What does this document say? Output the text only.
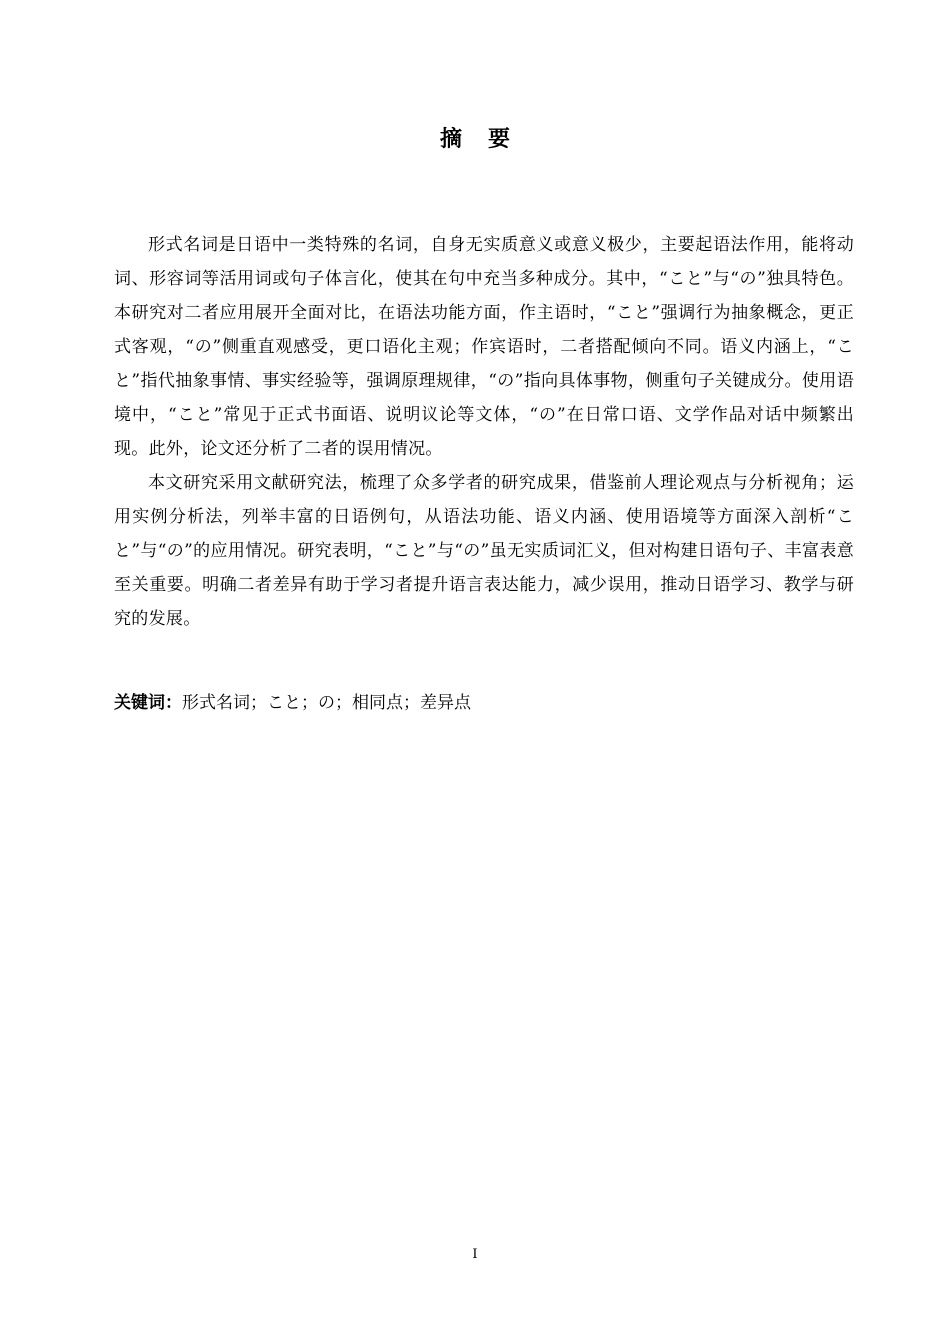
摘要

形式名词是日语中一类特殊的名词，自身无实质意义或意义极少，主要起语法作用，能将动词、形容词等活用词或句子体言化，使其在句中充当多种成分。其中，“こと”与“の”独具特色。本研究对二者应用展开全面对比，在语法功能方面，作主语时，“こと”强调行为抽象概念，更正式客观，“の”侧重直观感受，更口语化主观；作宾语时，二者搭配倾向不同。语义内涵上，“こと”指代抽象事情、事实经验等，强调原理规律，“の”指向具体事物，侧重句子关键成分。使用语境中，“こと”常见于正式书面语、说明议论等文体，“の”在日常口语、文学作品对话中频繁出现。此外，论文还分析了二者的误用情况。

本文研究采用文献研究法，梳理了众多学者的研究成果，借鉴前人理论观点与分析视角；运用实例分析法，列举丰富的日语例句，从语法功能、语义内涵、使用语境等方面深入剖析“こと”与“の”的应用情况。研究表明，“こと”与“の”虽无实质词汇义，但对构建日语句子、丰富表意至关重要。明确二者差异有助于学习者提升语言表达能力，减少误用，推动日语学习、教学与研究的发展。

关键词：形式名词；こと；の；相同点；差异点

I
